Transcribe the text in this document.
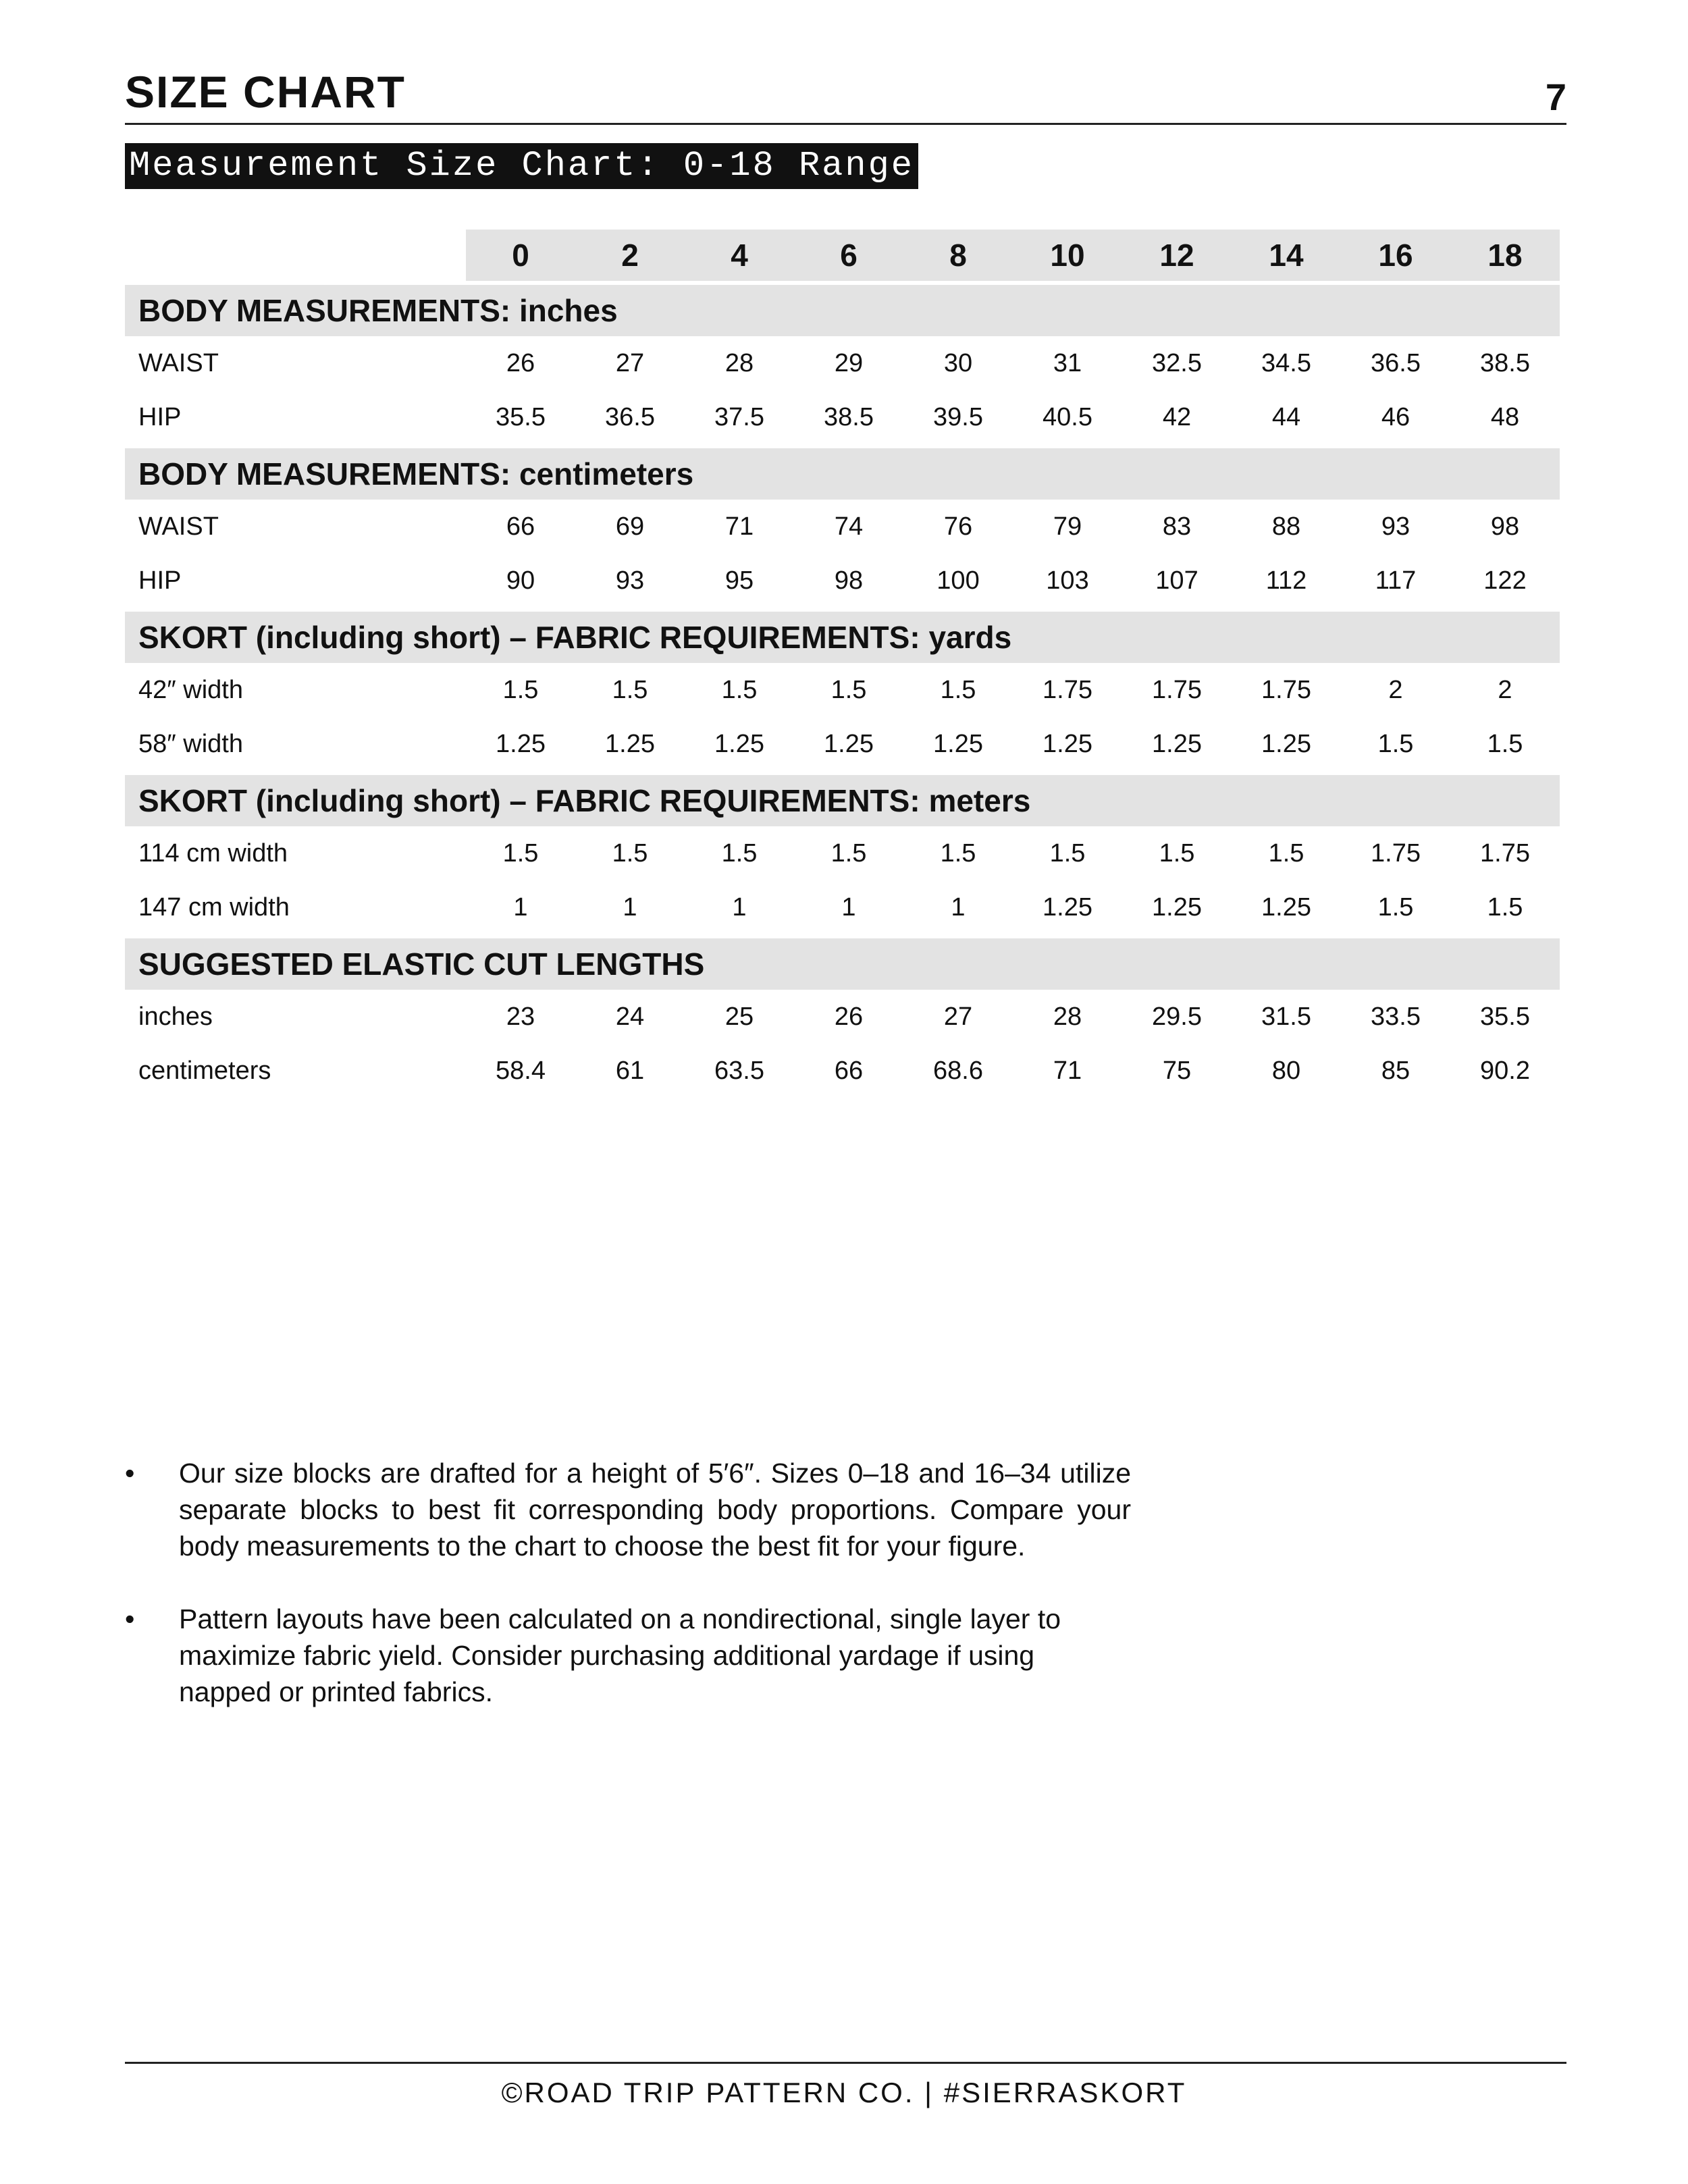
SIZE CHART	7
Measurement Size Chart: 0-18 Range
	0	2	4	6	8	10	12	14	16	18

BODY MEASUREMENTS: inches										
WAIST	26	27	28	29	30	31	32.5	34.5	36.5	38.5
HIP	35.5	36.5	37.5	38.5	39.5	40.5	42	44	46	48

BODY MEASUREMENTS: centimeters										
WAIST	66	69	71	74	76	79	83	88	93	98
HIP	90	93	95	98	100	103	107	112	117	122

SKORT (including short) – FABRIC REQUIREMENTS: yards										
42″ width	1.5	1.5	1.5	1.5	1.5	1.75	1.75	1.75	2	2
58″ width	1.25	1.25	1.25	1.25	1.25	1.25	1.25	1.25	1.5	1.5

SKORT (including short) – FABRIC REQUIREMENTS: meters										
114 cm width	1.5	1.5	1.5	1.5	1.5	1.5	1.5	1.5	1.75	1.75
147 cm width	1	1	1	1	1	1.25	1.25	1.25	1.5	1.5

SUGGESTED ELASTIC CUT LENGTHS										
inches	23	24	25	26	27	28	29.5	31.5	33.5	35.5
centimeters	58.4	61	63.5	66	68.6	71	75	80	85	90.2
• Our size blocks are drafted for a height of 5′6″. Sizes 0–18 and 16–34 utilize separate blocks to best fit corresponding body proportions. Compare your body measurements to the chart to choose the best fit for your figure.
• Pattern layouts have been calculated on a nondirectional, single layer to maximize fabric yield. Consider purchasing additional yardage if using napped or printed fabrics.
©ROAD TRIP PATTERN CO. | #SIERRASKORT
